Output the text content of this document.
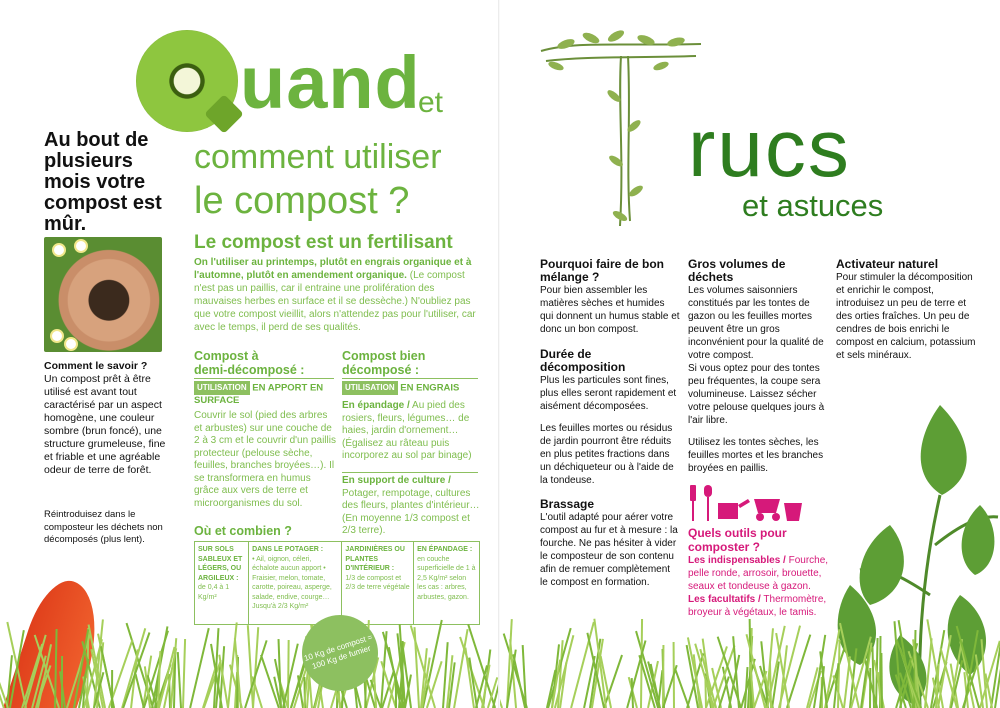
uand
et
comment utiliser
le compost ?
Au bout de plusieurs mois votre compost est mûr.
Comment le savoir ?
Un compost prêt à être utilisé est avant tout caractérisé par un aspect homogène, une couleur sombre (brun foncé), une structure grumeleuse, fine et friable et une agréable odeur de terre de forêt.
Réintroduisez dans le composteur les déchets non décomposés (plus lent).
Le compost est un fertilisant
On l'utiliser au printemps, plutôt en engrais organique et à l'automne, plutôt en amendement organique. (Le compost n'est pas un paillis, car il entraine une prolifération des mauvaises herbes en surface et il se dessèche.) N'oubliez pas que votre compost vieillit, alors n'attendez pas pour l'utiliser, car avec le temps, il perd de ses qualités.
Compost à
demi-décomposé :
UTILISATION EN APPORT EN SURFACE
Couvrir le sol (pied des arbres et arbustes) sur une couche de 2 à 3 cm et le couvrir d'un paillis protecteur (pelouse sèche, feuilles, branches broyées…). Il se transformera en humus grâce aux vers de terre et microorganismes du sol.
Compost bien
décomposé :
UTILISATION EN ENGRAIS
En épandage / Au pied des rosiers, fleurs, légumes… de haies, jardin d'ornement… (Égalisez au râteau puis incorporez au sol par binage)
En support de culture / Potager, rempotage, cultures des fleurs, plantes d'intérieur… (En moyenne 1/3 compost et 2/3 terre).
Où et combien ?
SUR SOLS SABLEUX ET LÉGERS, OU ARGILEUX :
de 0,4 à 1 Kg/m²
DANS LE POTAGER :
• Ail, oignon, céleri, échalote aucun apport • Fraisier, melon, tomate, carotte, poireau, asperge, salade, endive, courge… Jusqu'à 2/3 Kg/m²
JARDINIÈRES OU PLANTES D'INTÉRIEUR :
1/3 de compost et 2/3 de terre végétale
EN ÉPANDAGE :
en couche superficielle de 1 à 2,5 Kg/m² selon les cas : arbres, arbustes, gazon.
10 Kg de compost = 100 Kg de fumier
rucs
et astuces
Pourquoi faire de bon mélange ?
Pour bien assembler les matières sèches et humides qui donnent un humus stable et donc un bon compost.
Durée de décomposition
Plus les particules sont fines, plus elles seront rapidement et aisément décomposées.
Les feuilles mortes ou résidus de jardin pourront être réduits en plus petites fractions dans un déchiqueteur ou à l'aide de la tondeuse.
Brassage
L'outil adapté pour aérer votre compost au fur et à mesure : la fourche. Ne pas hésiter à vider le composteur de son contenu afin de remuer complètement le compost en formation.
Gros volumes de déchets
Les volumes saisonniers constitués par les tontes de gazon ou les feuilles mortes peuvent être un gros inconvénient pour la qualité de votre compost.
Si vous optez pour des tontes peu fréquentes, la coupe sera volumineuse. Laissez sécher votre pelouse quelques jours à l'air libre.
Utilisez les tontes sèches, les feuilles mortes et les branches broyées en paillis.
Quels outils pour composter ?
Les indispensables / Fourche, pelle ronde, arrosoir, brouette, seaux et tondeuse à gazon.
Les facultatifs / Thermomètre, broyeur à végétaux, le tamis.
Activateur naturel
Pour stimuler la décomposition et enrichir le compost, introduisez un peu de terre et des orties fraîches. Un peu de cendres de bois enrichi le compost en calcium, potassium et sels minéraux.
